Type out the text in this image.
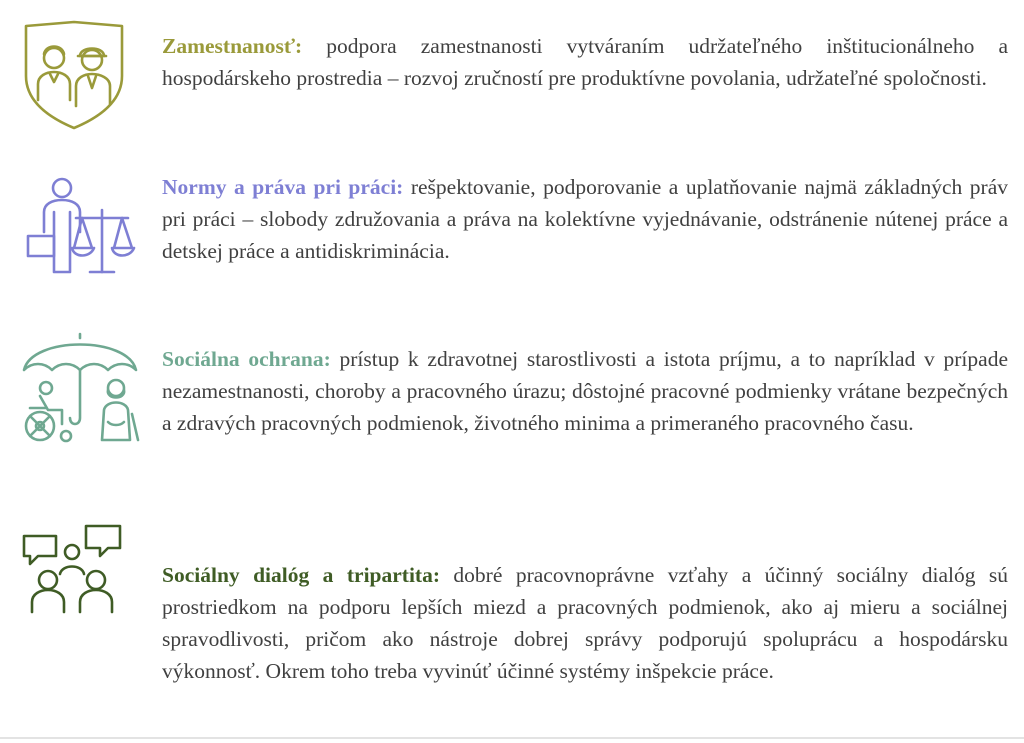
Zamestnanosť: podpora zamestnanosti vytváraním udržateľného inštitucionálneho a hospodárskeho prostredia – rozvoj zručností pre produktívne povolania, udržateľné spoločnosti.
Normy a práva pri práci: rešpektovanie, podporovanie a uplatňovanie najmä základných práv pri práci – slobody združovania a práva na kolektívne vyjednávanie, odstránenie nútenej práce a detskej práce a antidiskriminácia.
Sociálna ochrana: prístup k zdravotnej starostlivosti a istota príjmu, a to napríklad v prípade nezamestnanosti, choroby a pracovného úrazu; dôstojné pracovné podmienky vrátane bezpečných a zdravých pracovných podmienok, životného minima a primeraného pracovného času.
Sociálny dialóg a tripartita: dobré pracovnoprávne vzťahy a účinný sociálny dialóg sú prostriedkom na podporu lepších miezd a pracovných podmienok, ako aj mieru a sociálnej spravodlivosti, pričom ako nástroje dobrej správy podporujú spoluprácu a hospodársku výkonnosť. Okrem toho treba vyvinúť účinné systémy inšpekcie práce.
